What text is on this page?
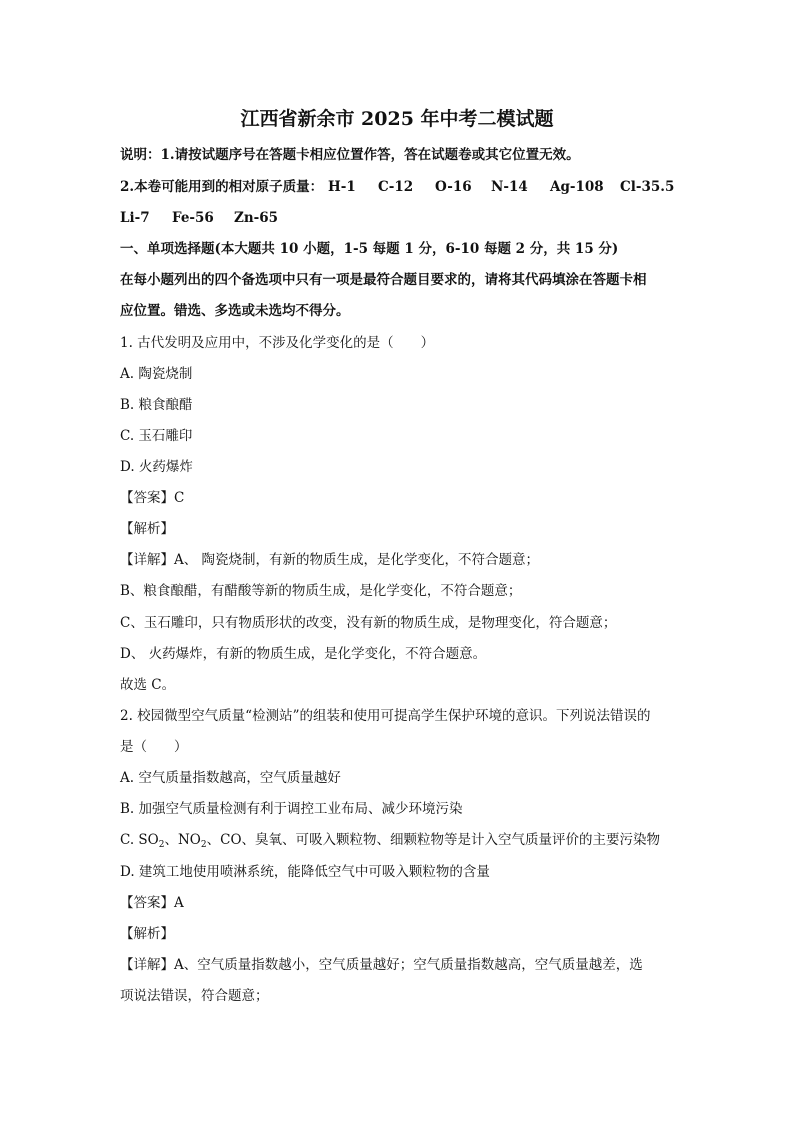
江西省新余市 2025 年中考二模试题
说明：1.请按试题序号在答题卡相应位置作答，答在试题卷或其它位置无效。
2.本卷可能用到的相对原子质量： H-1 C-12 O-16 N-14 Ag-108 Cl-35.5
Li-7 Fe-56 Zn-65
一、单项选择题(本大题共 10 小题，1-5 每题 1 分，6-10 每题 2 分，共 15 分)
在每小题列出的四个备选项中只有一项是最符合题目要求的，请将其代码填涂在答题卡相
应位置。错选、多选或未选均不得分。
1. 古代发明及应用中，不涉及化学变化的是（　　）
A. 陶瓷烧制
B. 粮食酿醋
C. 玉石雕印
D. 火药爆炸
【答案】C
【解析】
【详解】A、 陶瓷烧制，有新的物质生成，是化学变化，不符合题意；
B、粮食酿醋，有醋酸等新的物质生成，是化学变化，不符合题意；
C、玉石雕印，只有物质形状的改变，没有新的物质生成，是物理变化，符合题意；
D、 火药爆炸，有新的物质生成，是化学变化，不符合题意。
故选 C。
2. 校园微型空气质量“检测站”的组装和使用可提高学生保护环境的意识。下列说法错误的
是（　　）
A. 空气质量指数越高，空气质量越好
B. 加强空气质量检测有利于调控工业布局、减少环境污染
C. $SO_2$、$NO_2$、CO、臭氧、可吸入颗粒物、细颗粒物等是计入空气质量评价的主要污染物
D. 建筑工地使用喷淋系统，能降低空气中可吸入颗粒物的含量
【答案】A
【解析】
【详解】A、空气质量指数越小，空气质量越好；空气质量指数越高，空气质量越差，选
项说法错误，符合题意；
